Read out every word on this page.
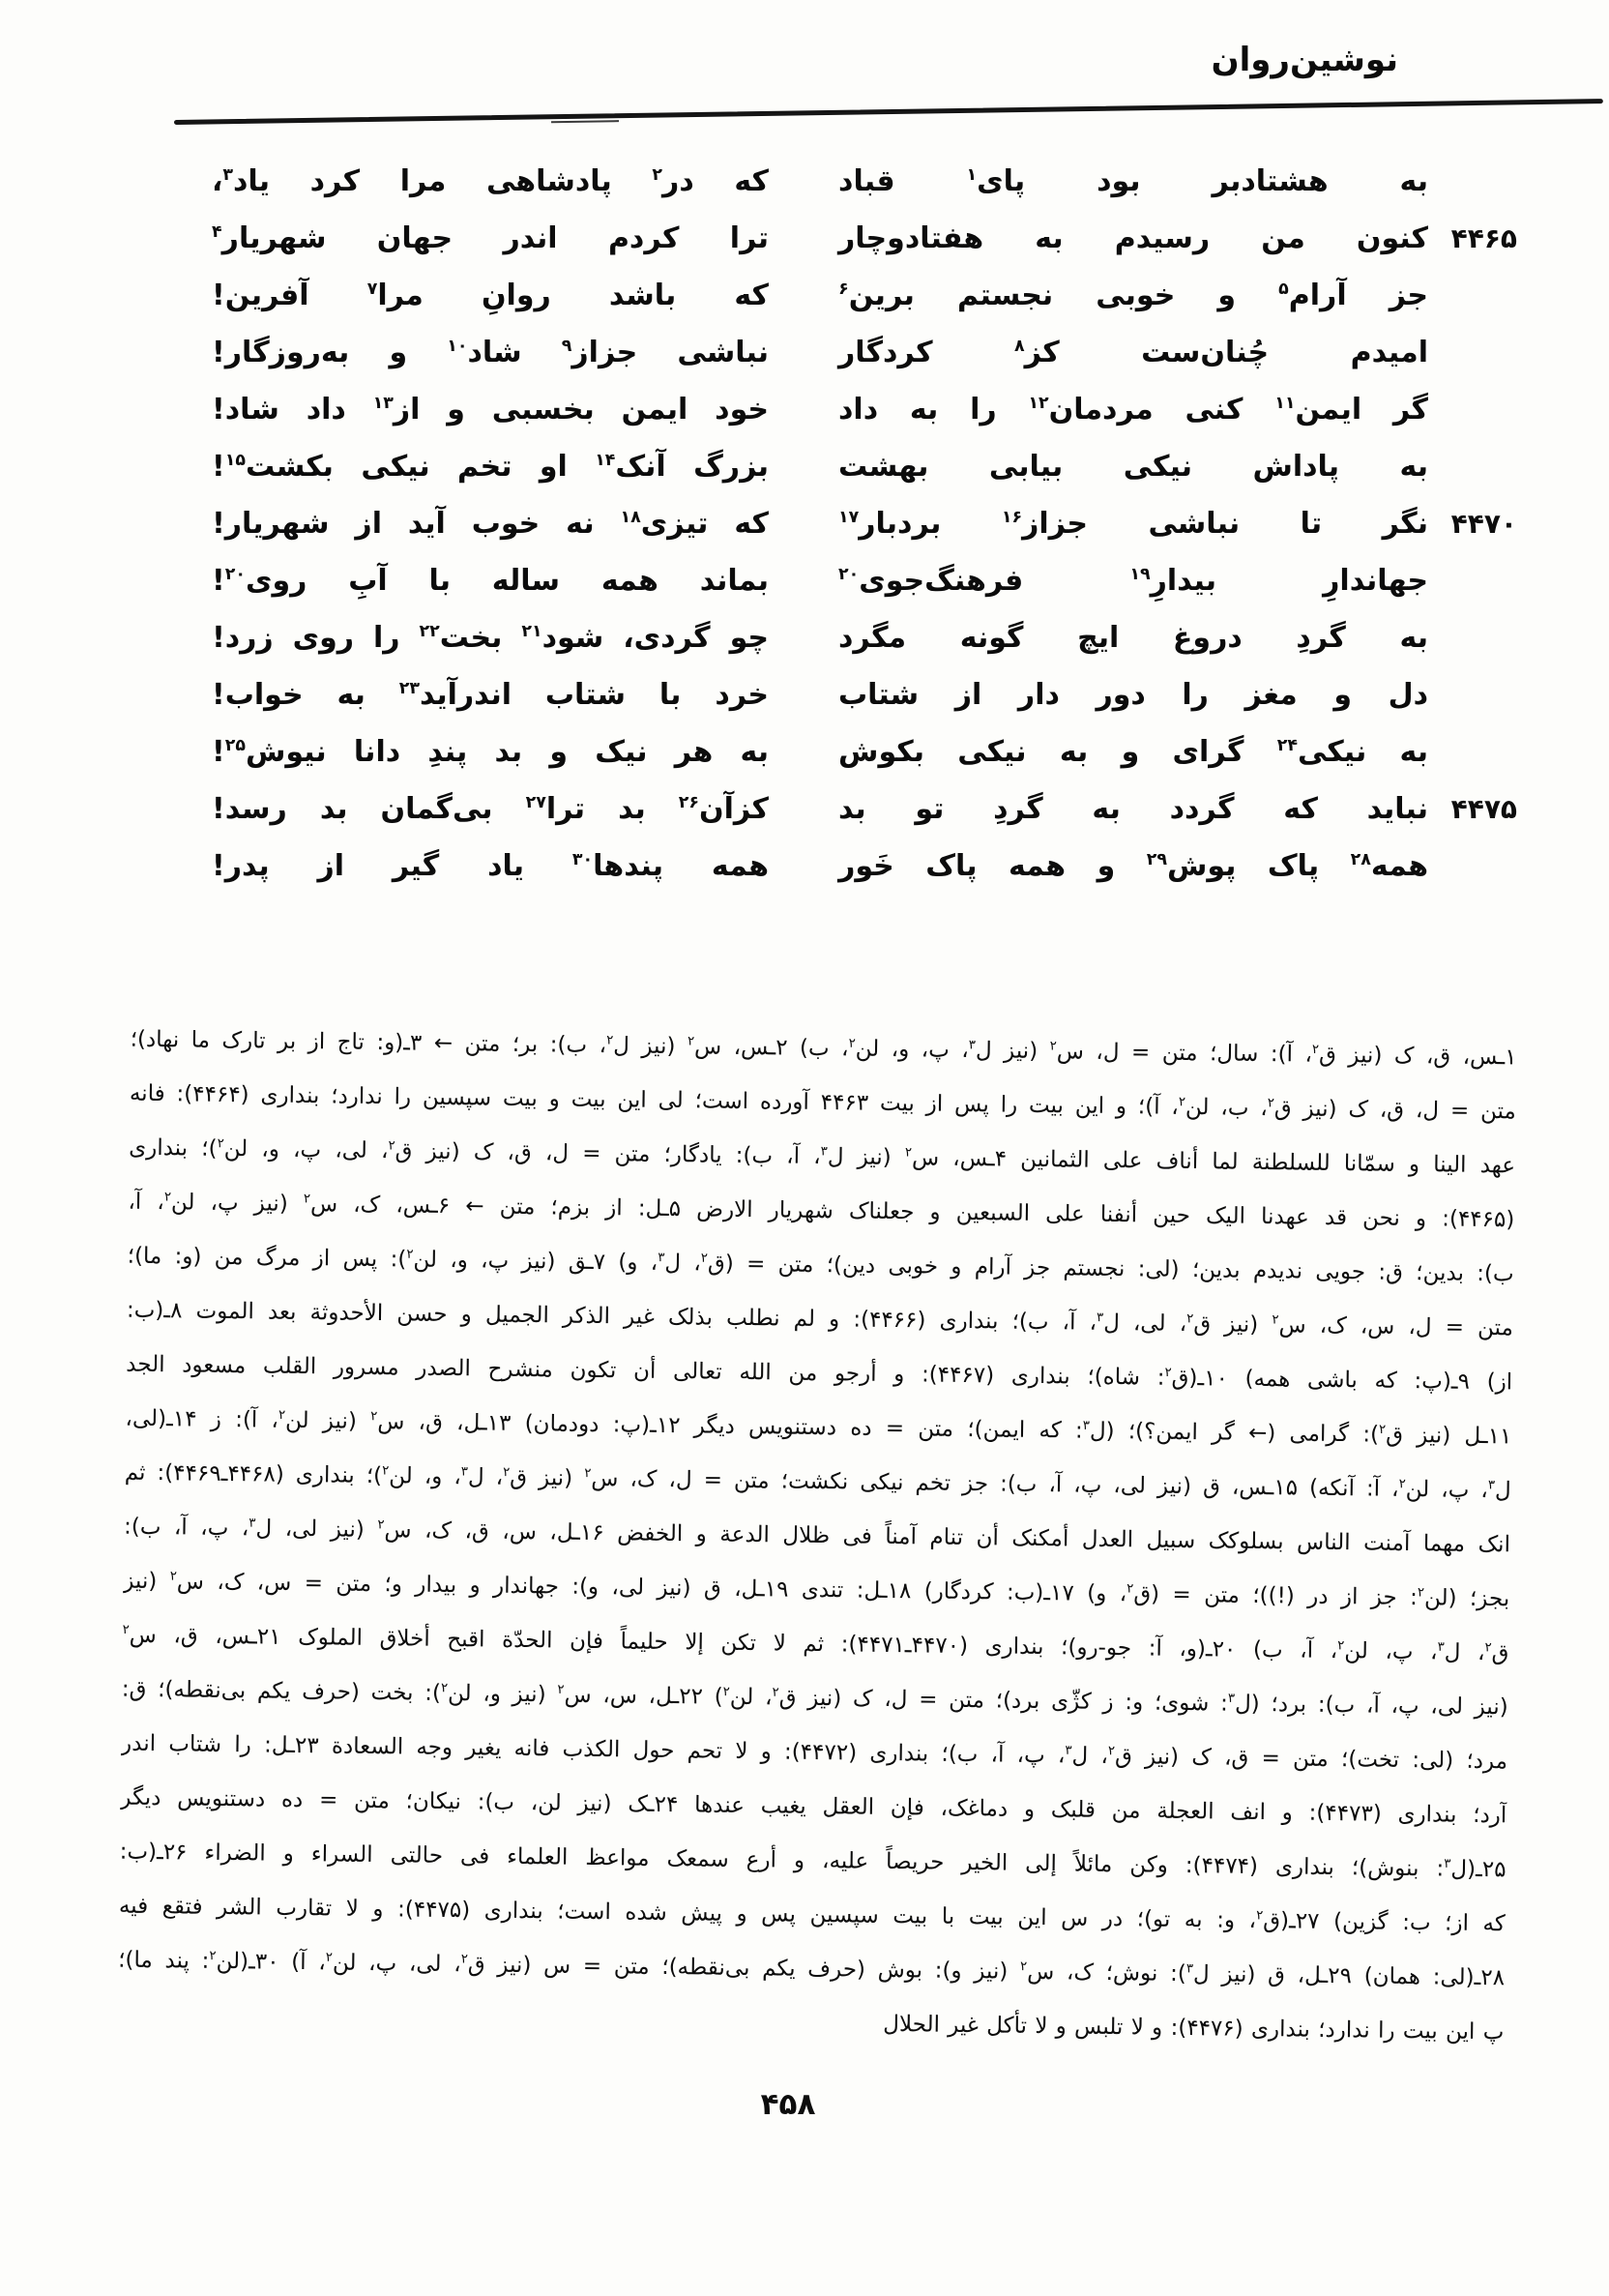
نوشین‌روان
به
هشتادبر
بود
پای$^۱$
قباد
که
در$^۲$
پادشاهی
مرا
کرد
یاد$^۳$،
۴۴۶۵
کنون
من
رسیدم
به
هفتادوچار
ترا
کردم
اندر
جهان
شهریار$^۴$
جز
آرام$^۵$
و
خوبی
نجستم
برین$^۶$
که
باشد
روانِ
مرا$^۷$
آفرین!
امیدم
چُنان‌ست
کز$^۸$
کردگار
نباشی
جزاز$^۹$
شاد$^{۱۰}$
و
به‌روزگار!
گر
ایمن$^{۱۱}$
کنی
مردمان$^{۱۲}$
را
به
داد
خود
ایمن
بخسبی
و
از$^{۱۳}$
داد
شاد!
به
پاداش
نیکی
بیابی
بهشت
بزرگ
آنک$^{۱۴}$
او
تخم
نیکی
بکشت$^{۱۵}$!
۴۴۷۰
نگر
تا
نباشی
جزاز$^{۱۶}$
بردبار$^{۱۷}$
که
تیزی$^{۱۸}$
نه
خوب
آید
از
شهریار!
جهاندارِ
بیدارِ$^{۱۹}$
فرهنگ‌جوی$^{۲۰}$
بماند
همه
ساله
با
آبِ
روی$^{۲۰}$!
به
گردِ
دروغ
ایچ
گونه
مگرد
چو
گردی،
شود$^{۲۱}$
بخت$^{۲۲}$
را
روی
زرد!
دل
و
مغز
را
دور
دار
از
شتاب
خرد
با
شتاب
اندرآید$^{۲۳}$
به
خواب!
به
نیکی$^{۲۴}$
گرای
و
به
نیکی
بکوش
به
هر
نیک
و
بد
پندِ
دانا
نیوش$^{۲۵}$!
۴۴۷۵
نباید
که
گردد
به
گردِ
تو
بد
کزآن$^{۲۶}$
بد
ترا$^{۲۷}$
بی‌گمان
بد
رسد!
همه$^{۲۸}$
پاک
پوش$^{۲۹}$
و
همه
پاک
خَور
همه
پندها$^{۳۰}$
یاد
گیر
از
پدر!
۱ـس، ق، ک (نیز ق$^۲$، آ): سال؛ متن = ل، س$^۲$ (نیز ل$^۳$، پ، و، لن$^۲$، ب) ۲ـس، س$^۲$ (نیز ل$^۲$، ب): بر؛ متن ← ۳ـ(و: تاج از بر تارک ما نهاد)؛
متن = ل، ق، ک (نیز ق$^۲$، ب، لن$^۲$، آ)؛ و این بیت را پس از بیت ۴۴۶۳ آورده است؛ لی این بیت و بیت سپسین را ندارد؛ بنداری (۴۴۶۴): فانه
عهد الینا و سمّانا للسلطنة لما أناف علی الثمانین ۴ـس، س$^۲$ (نیز ل$^۳$، آ، ب): یادگار؛ متن = ل، ق، ک (نیز ق$^۲$، لی، پ، و، لن$^۲$)؛ بنداری
(۴۴۶۵): و نحن قد عهدنا الیک حین أنفنا علی السبعین و جعلناک شهریار الارض ۵ـل: از بزم؛ متن ← ۶ـس، ک، س$^۲$ (نیز پ، لن$^۲$، آ،
ب): بدین؛ ق: جویی ندیدم بدین؛ (لی: نجستم جز آرام و خوبی دین)؛ متن = (ق$^۲$، ل$^۳$، و) ۷ـق (نیز پ، و، لن$^۲$): پس از مرگ من (و: ما)؛
متن = ل، س، ک، س$^۲$ (نیز ق$^۲$، لی، ل$^۳$، آ، ب)؛ بنداری (۴۴۶۶): و لم نطلب بذلک غیر الذکر الجمیل و حسن الأحدوثة بعد الموت ۸ـ(ب:
از) ۹ـ(پ: که باشی همه) ۱۰ـ(ق$^۲$: شاه)؛ بنداری (۴۴۶۷): و أرجو من الله تعالی أن تکون منشرح الصدر مسرور القلب مسعود الجد
۱۱ـل (نیز ق$^۲$): گرامی (← گر ایمن؟)؛ (ل$^۳$: که ایمن)؛ متن = ده دستنویس دیگر ۱۲ـ(پ: دودمان) ۱۳ـل، ق، س$^۲$ (نیز لن$^۲$، آ): ز ۱۴ـ(لی،
ل$^۳$، پ، لن$^۲$، آ: آنکه) ۱۵ـس، ق (نیز لی، پ، آ، ب): جز تخم نیکی نکشت؛ متن = ل، ک، س$^۲$ (نیز ق$^۲$، ل$^۳$، و، لن$^۲$)؛ بنداری (۴۴۶۸ـ۴۴۶۹): ثم
انک مهما آمنت الناس بسلوکک سبیل العدل أمکنک أن تنام آمناً فی ظلال الدعة و الخفض ۱۶ـل، س، ق، ک، س$^۲$ (نیز لی، ل$^۳$، پ، آ، ب):
بجز؛ (لن$^۲$: جز از در (!))؛ متن = (ق$^۲$، و) ۱۷ـ(ب: کردگار) ۱۸ـل: تندی ۱۹ـل، ق (نیز لی، و): جهاندار و بیدار و؛ متن = س، ک، س$^۲$ (نیز
ق$^۲$، ل$^۳$، پ، لن$^۲$، آ، ب) ۲۰ـ(و، آ: جو-رو)؛ بنداری (۴۴۷۰ـ۴۴۷۱): ثم لا تکن إلا حلیماً فإن الحدّة اقبح أخلاق الملوک ۲۱ـس، ق، س$^۲$
(نیز لی، پ، آ، ب): برد؛ (ل$^۳$: شوی؛ و: ز کژّی برد)؛ متن = ل، ک (نیز ق$^۲$، لن$^۲$) ۲۲ـل، س، س$^۲$ (نیز و، لن$^۲$): بخت (حرف یکم بی‌نقطه)؛ ق:
مرد؛ (لی: تخت)؛ متن = ق، ک (نیز ق$^۲$، ل$^۳$، پ، آ، ب)؛ بنداری (۴۴۷۲): و لا تحم حول الکذب فانه یغیر وجه السعادة ۲۳ـل: را شتاب اندر
آرد؛ بنداری (۴۴۷۳): و انف العجلة من قلبک و دماغک، فإن العقل یغیب عندها ۲۴ـک (نیز لن، ب): نیکان؛ متن = ده دستنویس دیگر
۲۵ـ(ل$^۳$: بنوش)؛ بنداری (۴۴۷۴): وکن مائلاً إلی الخیر حریصاً علیه، و أرع سمعک مواعظ العلماء فی حالتی السراء و الضراء ۲۶ـ(ب:
که از؛ ب: گزین) ۲۷ـ(ق$^۲$، و: به تو)؛ در س این بیت با بیت سپسین پس و پیش شده است؛ بنداری (۴۴۷۵): و لا تقارب الشر فتقع فیه
۲۸ـ(لی: همان) ۲۹ـل، ق (نیز ل$^۳$): نوش؛ ک، س$^۲$ (نیز و): بوش (حرف یکم بی‌نقطه)؛ متن = س (نیز ق$^۲$، لی، پ، لن$^۲$، آ) ۳۰ـ(لن$^۲$: پند ما)؛
پ این بیت را ندارد؛ بنداری (۴۴۷۶): و لا تلبس و لا تأکل غیر الحلال
۴۵۸
